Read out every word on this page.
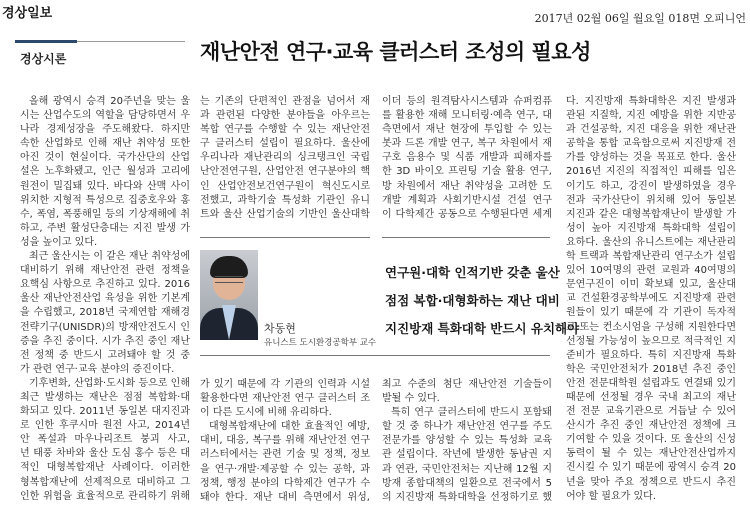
경상일보	2017년 02월 06일 월요일 018면 오피니언
경상시론	재난안전 연구·교육 클러스터 조성의 필요성
올해 광역시 승격 20주년을 맞는 울
시는 산업수도의 역할을 담당하면서 우
나라 경제성장을 주도해왔다. 하지만
속한 산업화로 인해 재난 취약성 또한
아진 것이 현실이다. 국가산단의 산업
설은 노후화됐고, 인근 월성과 고리에
원전이 밀집돼 있다. 바다와 산맥 사이
위치한 지형적 특성으로 집중호우와 홍
수, 폭염, 폭풍해일 등의 기상재해에 취
하고, 주변 활성단층대는 지진 발생 가
성을 높이고 있다.
최근 울산시는 이 같은 재난 취약성에
대비하기 위해 재난안전 관련 정책을
요핵심 사항으로 추진하고 있다. 2016
울산 재난안전산업 육성을 위한 기본계
을 수립했고, 2018년 국제연합 재해경
전략기구(UNISDR)의 방재안전도시 인
증을 추진 중이다. 시가 추진 중인 재난
전 정책 중 반드시 고려돼야 할 것 중
가 관련 연구·교육 분야의 증진이다.
기후변화, 산업화·도시화 등으로 인해
최근 발생하는 재난은 점점 복합화·대
화되고 있다. 2011년 동일본 대지진과
로 인한 후쿠시마 원전 사고, 2014년
안 폭설과 마우나리조트 붕괴 사고,
년 태풍 차바와 울산 도심 홍수 등은 대
적인 대형복합재난 사례이다. 이러한
형복합재난에 선제적으로 대비하고 그
인한 위험을 효율적으로 관리하기 위해
는 기존의 단편적인 관점을 넘어서 재
과 관련된 다양한 분야들을 아우르는
복합 연구를 수행할 수 있는 재난안전
구 클러스터 설립이 필요하다. 울산에
우리나라 재난관리의 싱크탱크인 국립
난안전연구원, 산업안전 연구분야의 핵
인 산업안전보건연구원이 혁신도시로
전했고, 과학기술 특성화 기관인 유니
트와 울산 산업기술의 기반인 울산대학
차동현
유니스트 도시환경공학부 교수
가 있기 때문에 각 기관의 인력과 시설
활용한다면 재난안전 연구 클러스터 조
이 다른 도시에 비해 유리하다.
대형복합재난에 대한 효율적인 예방,
대비, 대응, 복구를 위해 재난안전 연구
러스터에서는 관련 기술 및 정책, 정보
을 연구·개발·제공할 수 있는 공학, 과
정책, 행정 분야의 다학제간 연구가 수
돼야 한다. 재난 대비 측면에서 위성,
이더 등의 원격탐사시스템과 슈퍼컴퓨
를 활용한 재해 모니터링·예측 연구, 대
측면에서 재난 현장에 투입할 수 있는
봇과 드론 개발 연구, 복구 차원에서 재
구호 음용수 및 식품 개발과 피해자를
한 3D 바이오 프린팅 기술 활용 연구,
방 차원에서 재난 취약성을 고려한 도
개발 계획과 사회기반시설 건설 연구
이 다학제간 공동으로 수행된다면 세계
연구원·대학 인적기반 갖춘 울산
점점 복합·대형화하는 재난 대비
지진방재 특화대학 반드시 유치해야
최고 수준의 첨단 재난안전 기술들이
발될 수 있다.
특히 연구 클러스터에 반드시 포함돼
할 것 중 하나가 재난안전 연구를 주도
전문가를 양성할 수 있는 특성화 교육
관 설립이다. 작년에 발생한 동남권 지
과 연관, 국민안전처는 지난해 12월 지
방재 종합대책의 일환으로 전국에서 5
의 지진방재 특화대학을 선정하기로 했
다. 지진방재 특화대학은 지진 발생과
관된 지질학, 지진 예방을 위한 지반공
과 건설공학, 지진 대응을 위한 재난관
공학을 통합 교육함으로써 지진방재 전
가를 양성하는 것을 목표로 한다. 울산
2016년 지진의 직접적인 피해를 입은
이기도 하고, 강진이 발생하였을 경우
전과 국가산단이 위치해 있어 동일본
지진과 같은 대형복합재난이 발생할 가
성이 높아 지진방재 특화대학 설립이
요하다. 울산의 유니스트에는 재난관리
학 트랙과 복합재난관리 연구소가 설립
있어 10여명의 관련 교원과 40여명의
문연구진이 이미 확보돼 있고, 울산대
교 건설환경공학부에도 지진방재 관련
원들이 있기 때문에 각 기관이 독자적
로 또는 컨소시엄을 구성해 지원한다면
선정될 가능성이 높으므로 적극적인 지
준비가 필요하다. 특히 지진방재 특화
학은 국민안전처가 2018년 추진 중인
안전 전문대학원 설립과도 연결돼 있기
때문에 선정될 경우 국내 최고의 재난
전 전문 교육기관으로 거듭날 수 있어
산시가 추진 중인 재난안전 정책에 크
기여할 수 있을 것이다. 또 울산의 신성
동력이 될 수 있는 재난안전산업까지
진시킬 수 있기 때문에 광역시 승격 20
년을 맞아 주요 정책으로 반드시 추진
어야 할 필요가 있다.
